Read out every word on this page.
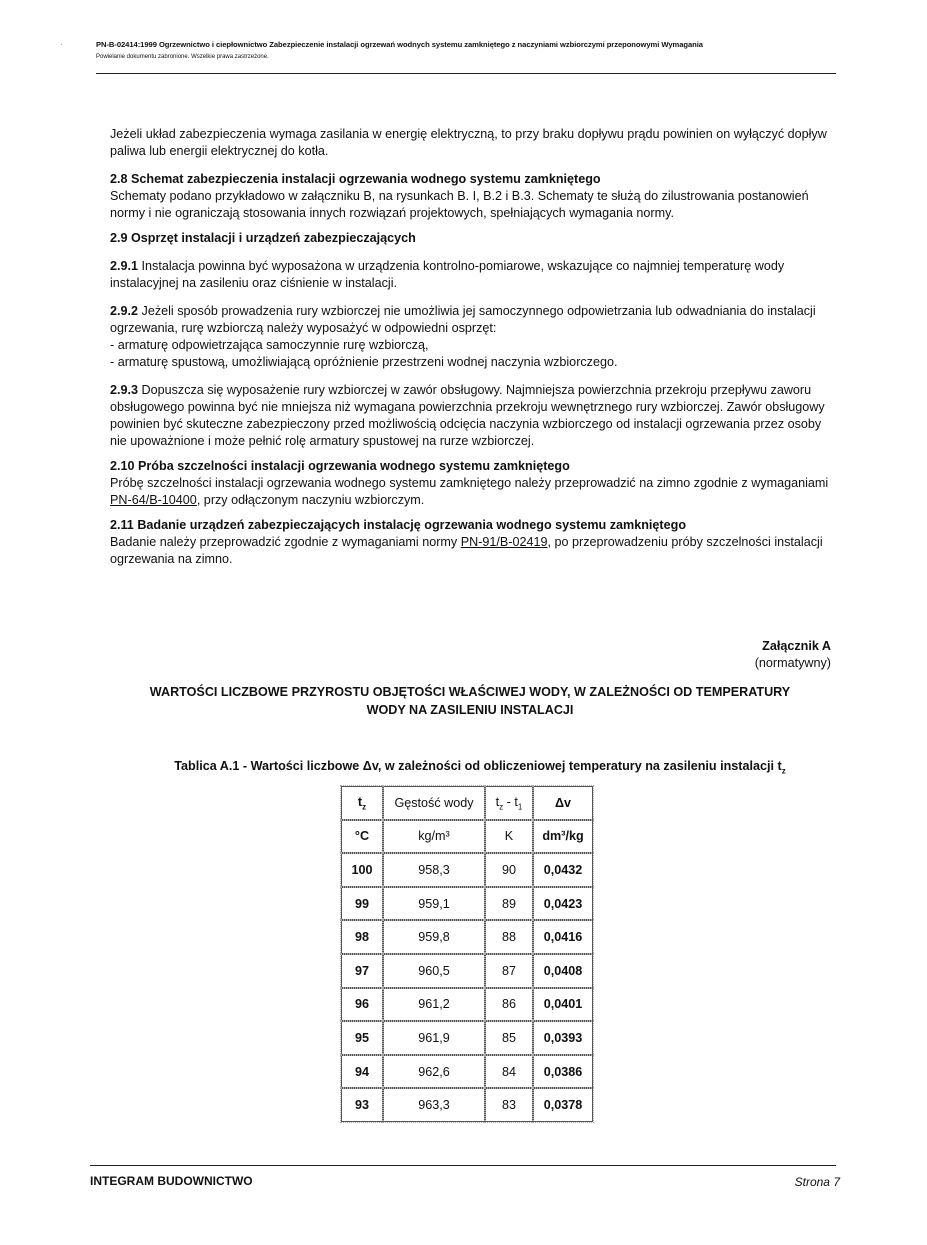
·	PN-B-02414:1999 Ogrzewnictwo i ciepłownictwo Zabezpieczenie instalacji ogrzewań wodnych systemu zamkniętego z naczyniami wzbiorczymi przeponowymi Wymagania
Powielanie dokumentu zabronione. Wszelkie prawa zastrzeżone.

Jeżeli układ zabezpieczenia wymaga zasilania w energię elektryczną, to przy braku dopływu prądu powinien on wyłączyć dopływ paliwa lub energii elektrycznej do kotła.

2.8 Schemat zabezpieczenia instalacji ogrzewania wodnego systemu zamkniętego

Schematy podano przykładowo w załączniku B, na rysunkach B. I, B.2 i B.3. Schematy te służą do zilustrowania postanowień normy i nie ograniczają stosowania innych rozwiązań projektowych, spełniających wymagania normy.

2.9 Osprzęt instalacji i urządzeń zabezpieczających

2.9.1 Instalacja powinna być wyposażona w urządzenia kontrolno-pomiarowe, wskazujące co najmniej temperaturę wody instalacyjnej na zasileniu oraz ciśnienie w instalacji.

2.9.2 Jeżeli sposób prowadzenia rury wzbiorczej nie umożliwia jej samoczynnego odpowietrzania lub odwadniania do instalacji ogrzewania, rurę wzbiorczą należy wyposażyć w odpowiedni osprzęt:

- armaturę odpowietrzająca samoczynnie rurę wzbiorczą,

- armaturę spustową, umożliwiającą opróżnienie przestrzeni wodnej naczynia wzbiorczego.

2.9.3 Dopuszcza się wyposażenie rury wzbiorczej w zawór obsługowy. Najmniejsza powierzchnia przekroju przepływu zaworu obsługowego powinna być nie mniejsza niż wymagana powierzchnia przekroju wewnętrznego rury wzbiorczej. Zawór obsługowy powinien być skuteczne zabezpieczony przed możliwością odcięcia naczynia wzbiorczego od instalacji ogrzewania przez osoby nie upoważnione i może pełnić rolę armatury spustowej na rurze wzbiorczej.

2.10 Próba szczelności instalacji ogrzewania wodnego systemu zamkniętego

Próbę szczelności instalacji ogrzewania wodnego systemu zamkniętego należy przeprowadzić na zimno zgodnie z wymaganiami PN-64/B-10400, przy odłączonym naczyniu wzbiorczym.

2.11 Badanie urządzeń zabezpieczających instalację ogrzewania wodnego systemu zamkniętego

Badanie należy przeprowadzić zgodnie z wymaganiami normy PN-91/B-02419, po przeprowadzeniu próby szczelności instalacji ogrzewania na zimno.

Załącznik A
(normatywny)
WARTOŚCI LICZBOWE PRZYROSTU OBJĘTOŚCI WŁAŚCIWEJ WODY, W ZALEŻNOŚCI OD TEMPERATURY
WODY NA ZASILENIU INSTALACJI
Tablica A.1 - Wartości liczbowe Δv, w zależności od obliczeniowej temperatury na zasileniu instalacji $t_z$
$t_z$	Gęstość wody	$t_z - t_1$	Δv
°C	kg/m³	K	dm³/kg
100	958,3	90	0,0432
99	959,1	89	0,0423
98	959,8	88	0,0416
97	960,5	87	0,0408
96	961,2	86	0,0401
95	961,9	85	0,0393
94	962,6	84	0,0386
93	963,3	83	0,0378
INTEGRAM BUDOWNICTWO	Strona 7
